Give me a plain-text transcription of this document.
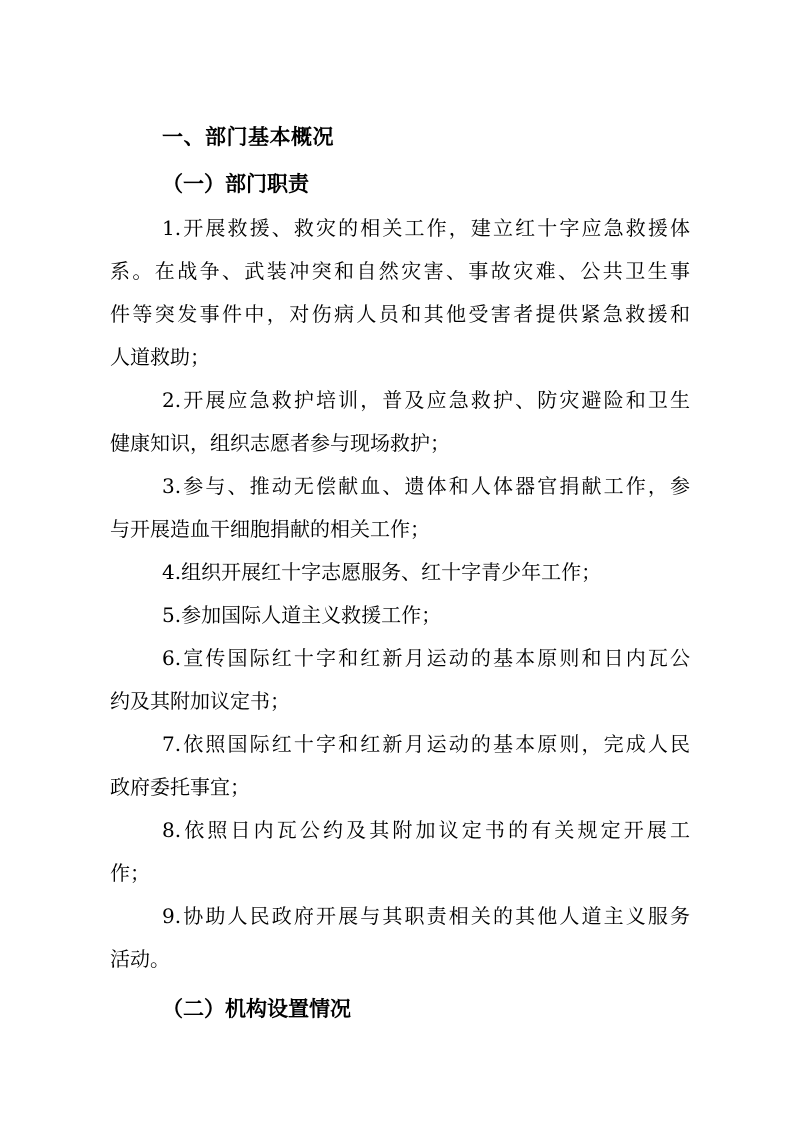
一、部门基本概况
（一）部门职责
1.开展救援、救灾的相关工作，建立红十字应急救援体
系。在战争、武装冲突和自然灾害、事故灾难、公共卫生事
件等突发事件中，对伤病人员和其他受害者提供紧急救援和
人道救助；
2.开展应急救护培训，普及应急救护、防灾避险和卫生
健康知识，组织志愿者参与现场救护；
3.参与、推动无偿献血、遗体和人体器官捐献工作，参
与开展造血干细胞捐献的相关工作；
4.组织开展红十字志愿服务、红十字青少年工作；
5.参加国际人道主义救援工作；
6.宣传国际红十字和红新月运动的基本原则和日内瓦公
约及其附加议定书；
7.依照国际红十字和红新月运动的基本原则，完成人民
政府委托事宜；
8.依照日内瓦公约及其附加议定书的有关规定开展工
作；
9.协助人民政府开展与其职责相关的其他人道主义服务
活动。
（二）机构设置情况
